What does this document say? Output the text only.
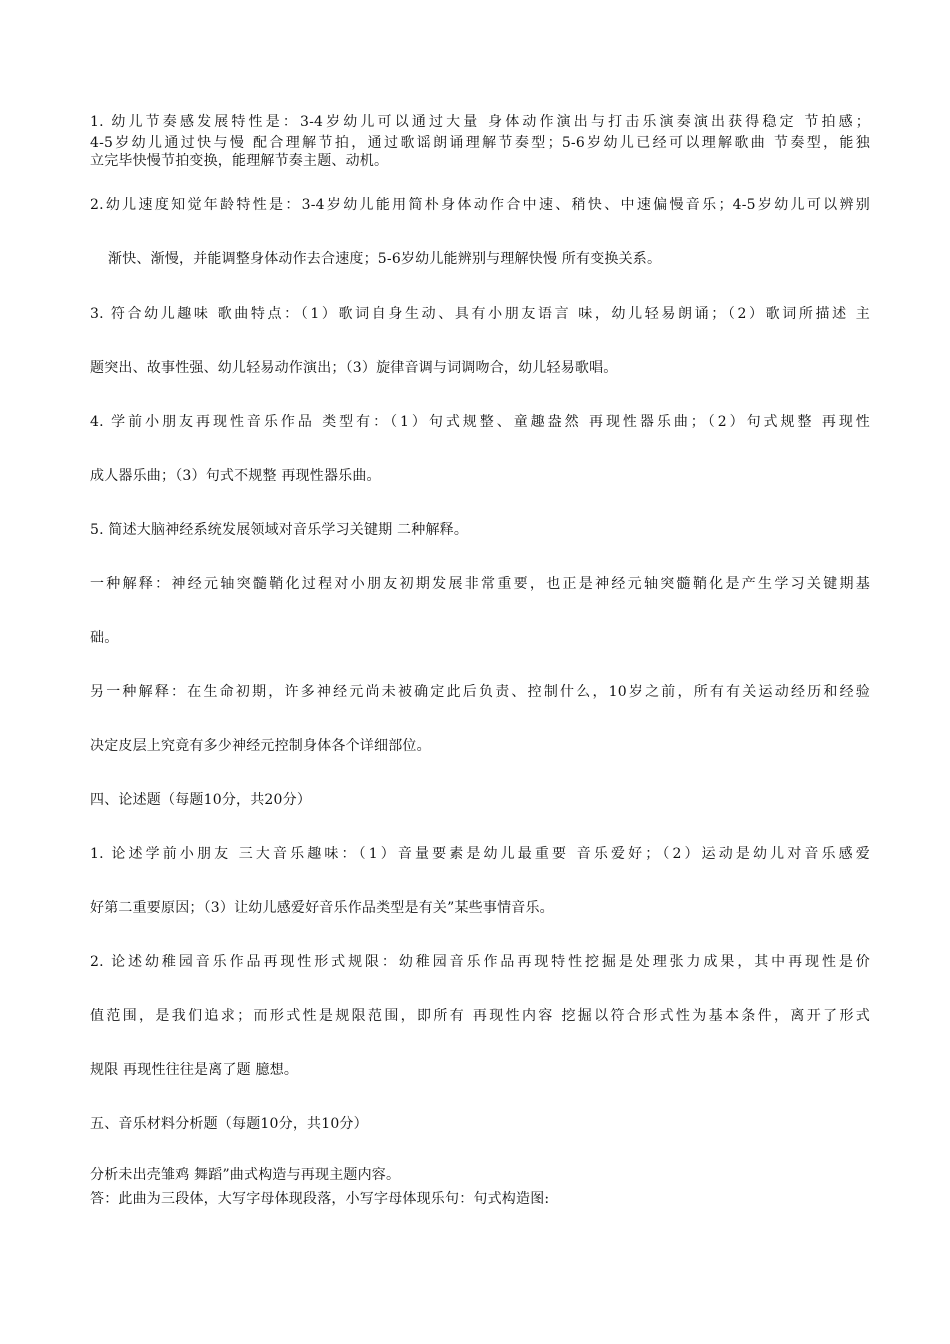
1. 幼儿节奏感发展特性是：3-4岁幼儿可以通过大量 身体动作演出与打击乐演奏演出获得稳定 节拍感；
4-5岁幼儿通过快与慢 配合理解节拍，通过歌谣朗诵理解节奏型；5-6岁幼儿已经可以理解歌曲 节奏型，能独
立完毕快慢节拍变换，能理解节奏主题、动机。
2.幼儿速度知觉年龄特性是：3-4岁幼儿能用简朴身体动作合中速、稍快、中速偏慢音乐；4-5岁幼儿可以辨别
渐快、渐慢，并能调整身体动作去合速度；5-6岁幼儿能辨别与理解快慢 所有变换关系。
3. 符合幼儿趣味 歌曲特点：（1）歌词自身生动、具有小朋友语言 味，幼儿轻易朗诵；（2）歌词所描述 主
题突出、故事性强、幼儿轻易动作演出；（3）旋律音调与词调吻合，幼儿轻易歌唱。
4. 学前小朋友再现性音乐作品 类型有：（1）句式规整、童趣盎然 再现性器乐曲；（2）句式规整 再现性
成人器乐曲；（3）句式不规整 再现性器乐曲。
5. 简述大脑神经系统发展领域对音乐学习关键期 二种解释。
一种解释：神经元轴突髓鞘化过程对小朋友初期发展非常重要，也正是神经元轴突髓鞘化是产生学习关键期基
础。
另一种解释：在生命初期，许多神经元尚未被确定此后负责、控制什么，10岁之前，所有有关运动经历和经验
决定皮层上究竟有多少神经元控制身体各个详细部位。
四、论述题（每题10分，共20分）
1. 论述学前小朋友 三大音乐趣味：（1）音量要素是幼儿最重要 音乐爱好；（2）运动是幼儿对音乐感爱
好第二重要原因；（3）让幼儿感爱好音乐作品类型是有关”某些事情音乐。
2. 论述幼稚园音乐作品再现性形式规限：幼稚园音乐作品再现特性挖掘是处理张力成果，其中再现性是价
值范围，是我们追求；而形式性是规限范围，即所有 再现性内容 挖掘以符合形式性为基本条件，离开了形式
规限 再现性往往是离了题 臆想。
五、音乐材料分析题（每题10分，共10分）
分析未出壳雏鸡 舞蹈”曲式构造与再现主题内容。
答：此曲为三段体，大写字母体现段落，小写字母体现乐句：句式构造图:
